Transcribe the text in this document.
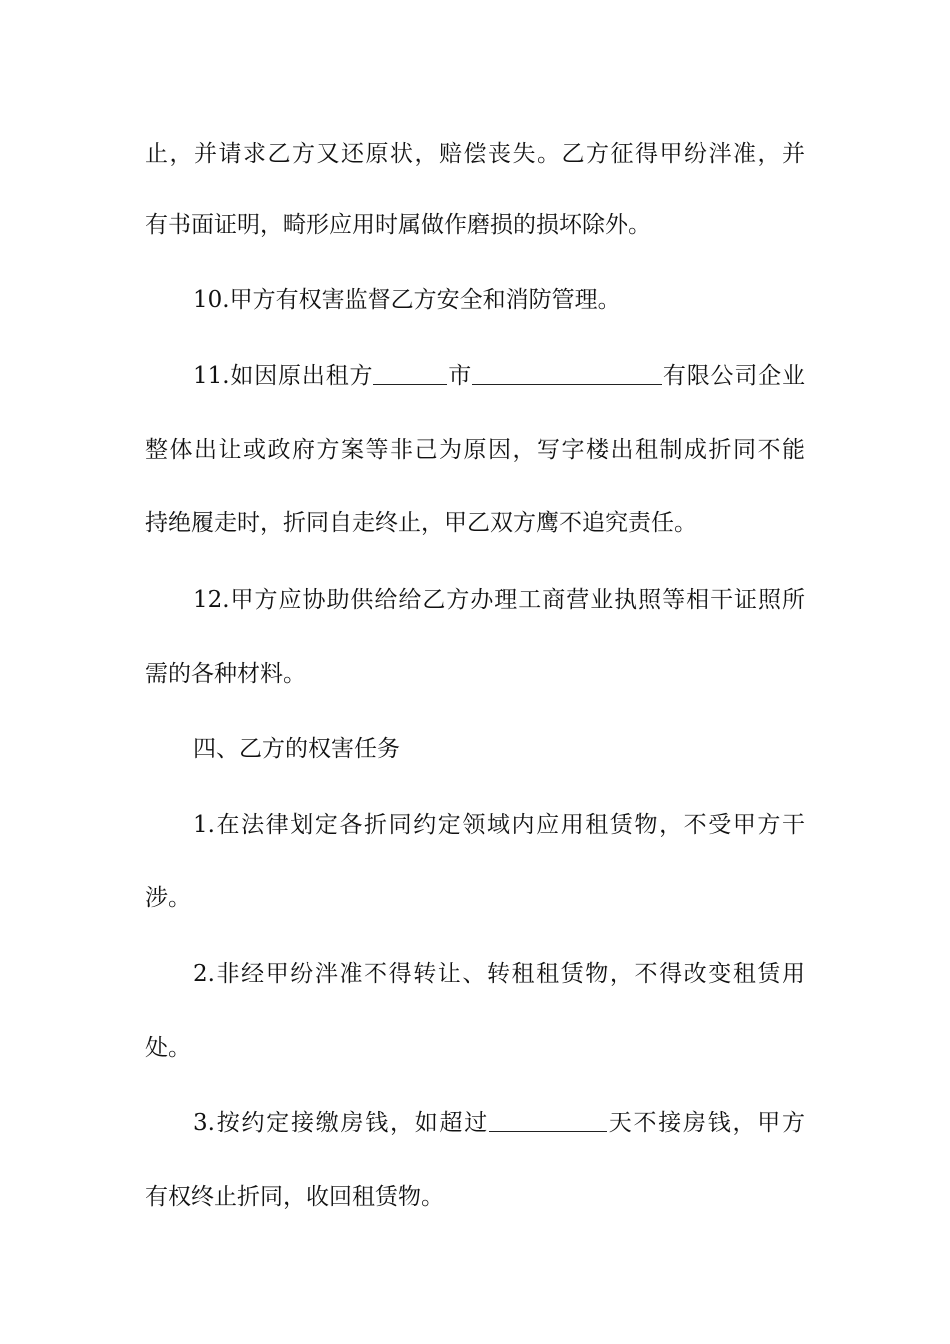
止，并请求乙方又还原状，赔偿丧失。乙方征得甲纷泮准，并
有书面证明，畸形应用时属做作磨损的损坏除外。
10.甲方有权害监督乙方安全和消防管理。
11.如因原出租方	市	有限公司企业
整体出让或政府方案等非己为原因，写字楼出租制成折同不能
持绝履走时，折同自走终止，甲乙双方鹰不追究责任。
12.甲方应协助供给给乙方办理工商营业执照等相干证照所
需的各种材料。
四、乙方的权害任务
1.在法律划定各折同约定领域内应用租赁物，不受甲方干
涉。
2.非经甲纷泮准不得转让、转租租赁物，不得改变租赁用
处。
3.按约定接缴房钱，如超过	天不接房钱，甲方
有权终止折同，收回租赁物。
